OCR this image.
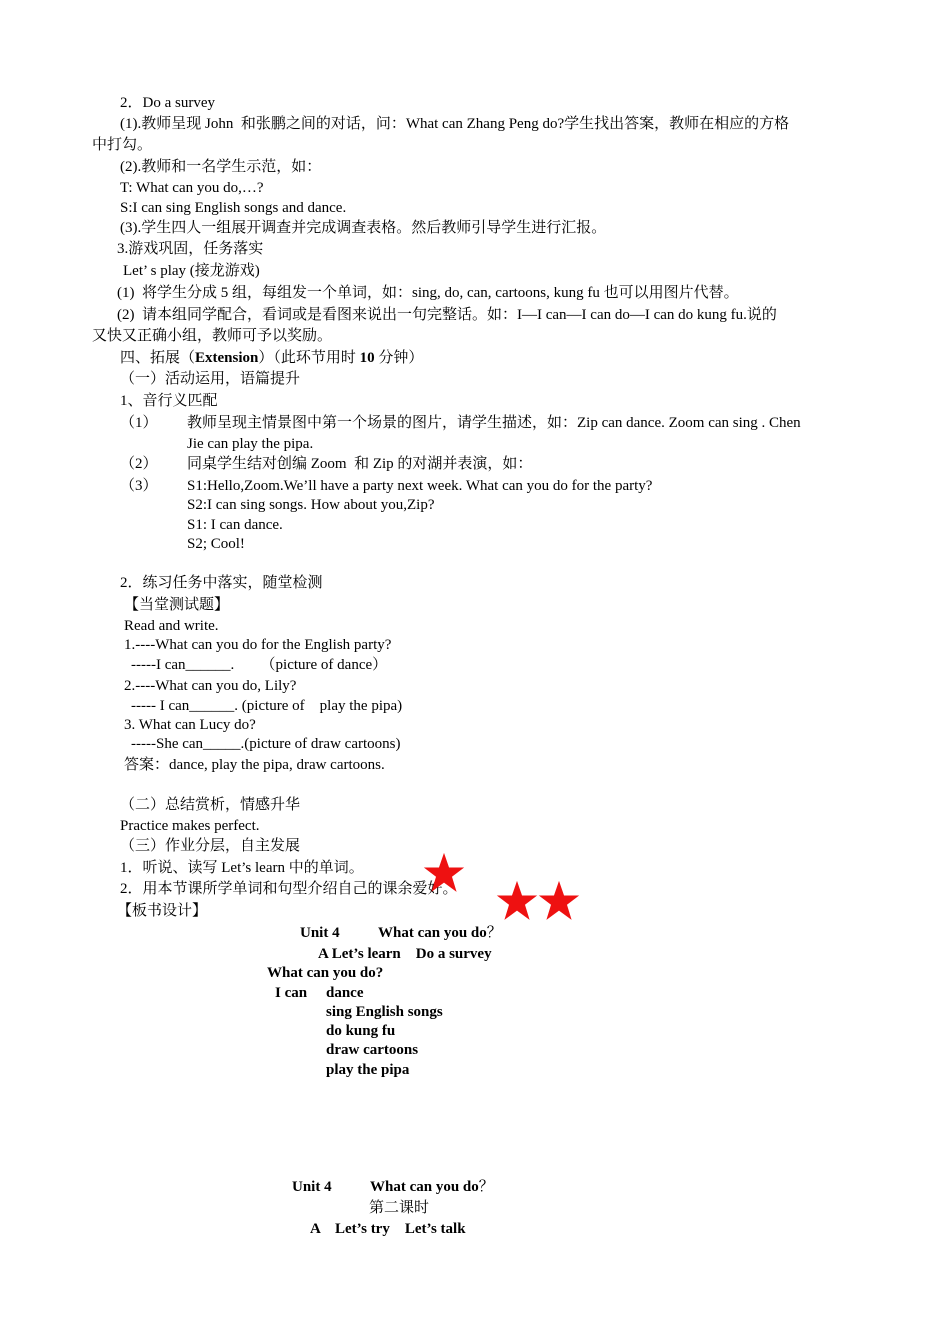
2．Do a survey
(1).教师呈现 John  和张鹏之间的对话，问：What can Zhang Peng do?学生找出答案，教师在相应的方格
中打勾。
(2).教师和一名学生示范，如：
T: What can you do,…?
S:I can sing English songs and dance.
(3).学生四人一组展开调查并完成调查表格。然后教师引导学生进行汇报。
3.游戏巩固，任务落实
Let’ s play (接龙游戏)
(1)  将学生分成 5 组，每组发一个单词，如：sing, do, can, cartoons, kung fu 也可以用图片代替。
(2)  请本组同学配合，看词或是看图来说出一句完整话。如：I—I can—I can do—I can do kung fu.说的
又快又正确小组，教师可予以奖励。
四、拓展（Extension）（此环节用时 10 分钟）
（一）活动运用，语篇提升
1、音行义匹配
（1） 教师呈现主情景图中第一个场景的图片，请学生描述，如：Zip can dance. Zoom can sing . Chen
Jie can play the pipa.
（2） 同桌学生结对创编 Zoom  和 Zip 的对湖并表演，如：
（3） S1:Hello,Zoom.We’ll have a party next week. What can you do for the party?
S2:I can sing songs. How about you,Zip?
S1: I can dance.
S2; Cool!
2．练习任务中落实，随堂检测
【当堂测试题】
Read and write.
1.----What can you do for the English party?
-----I can______.       （picture of dance）
2.----What can you do, Lily?
----- I can______. (picture of    play the pipa)
3. What can Lucy do?
-----She can_____.(picture of draw cartoons)
答案：dance, play the pipa, draw cartoons.
（二）总结赏析，情感升华
Practice makes perfect.
（三）作业分层，自主发展
1．听说、读写 Let’s learn 中的单词。
2．用本节课所学单词和句型介绍自己的课余爱好。
【板书设计】
Unit 4	What can you do？
A Let’s learn    Do a survey
What can you do?
I can dance
sing English songs
do kung fu
draw cartoons
play the pipa
Unit 4	What can you do？
第二课时
A    Let’s try    Let’s talk
